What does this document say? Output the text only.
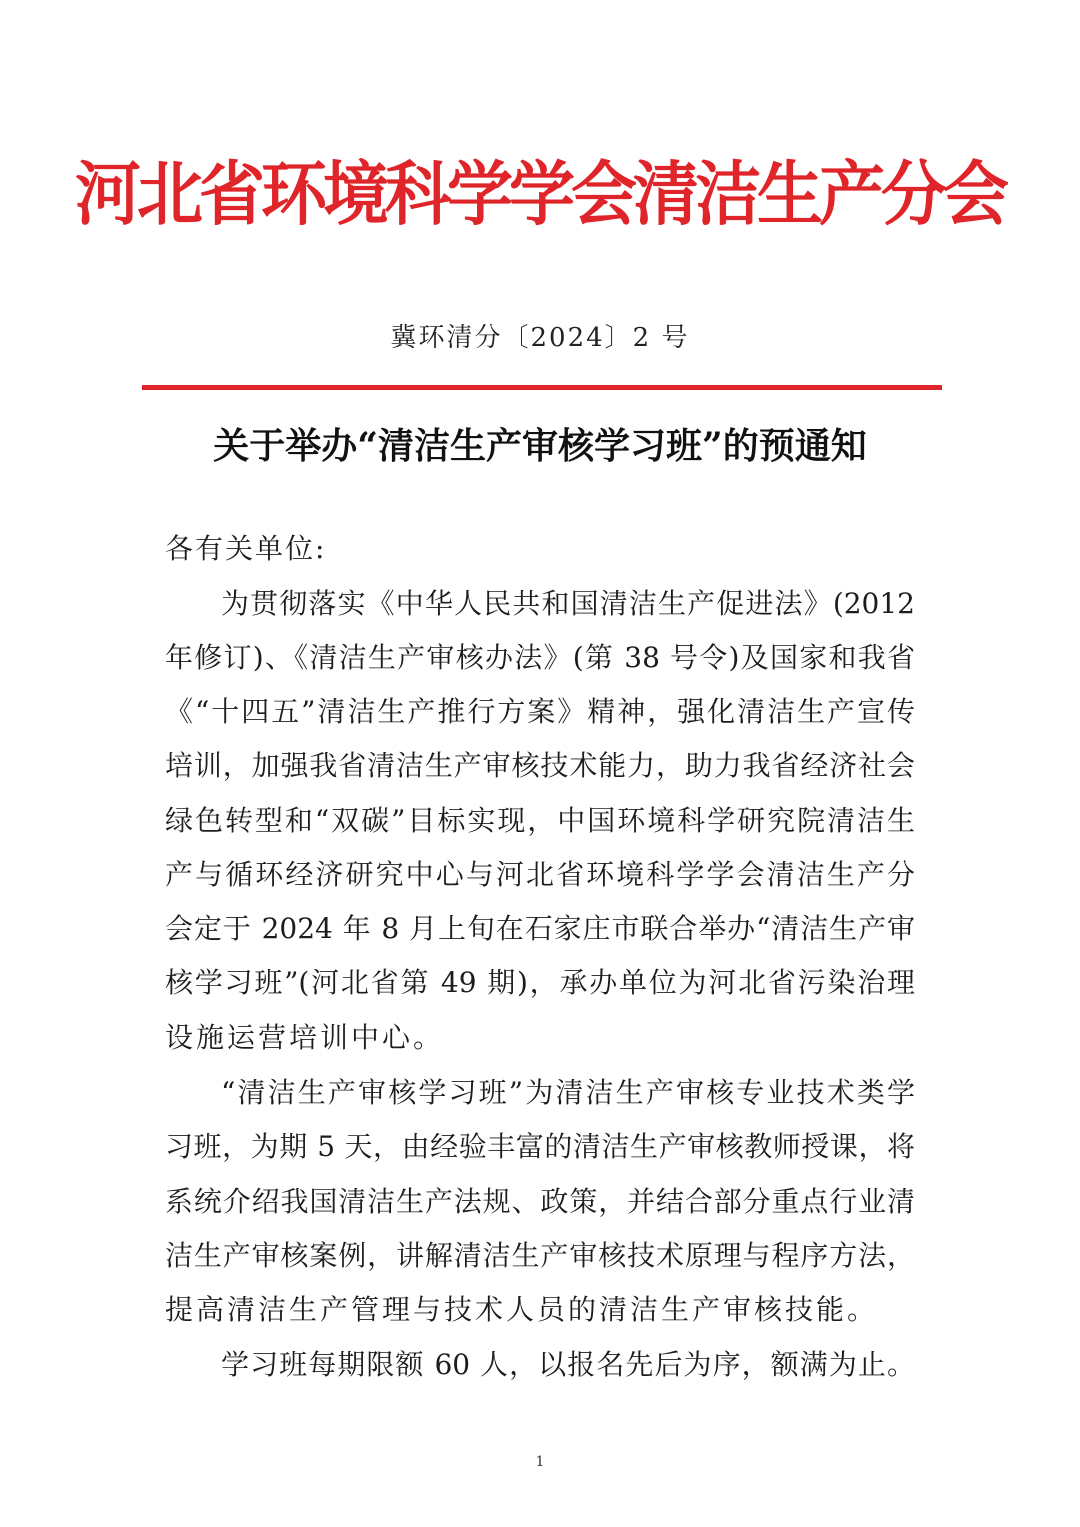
河北省环境科学学会清洁生产分会
冀环清分〔2024〕2 号
关于举办“清洁生产审核学习班”的预通知
各有关单位:
为贯彻落实《中华人民共和国清洁生产促进法》(2012
年修订)、《清洁生产审核办法》(第 38 号令)及国家和我省
《“十四五”清洁生产推行方案》精神，强化清洁生产宣传
培训，加强我省清洁生产审核技术能力，助力我省经济社会
绿色转型和“双碳”目标实现，中国环境科学研究院清洁生
产与循环经济研究中心与河北省环境科学学会清洁生产分
会定于 2024 年 8 月上旬在石家庄市联合举办“清洁生产审
核学习班”(河北省第 49 期)，承办单位为河北省污染治理
设施运营培训中心。
“清洁生产审核学习班”为清洁生产审核专业技术类学
习班，为期 5 天，由经验丰富的清洁生产审核教师授课，将
系统介绍我国清洁生产法规、政策，并结合部分重点行业清
洁生产审核案例，讲解清洁生产审核技术原理与程序方法，
提高清洁生产管理与技术人员的清洁生产审核技能。
学习班每期限额 60 人，以报名先后为序，额满为止。
1
